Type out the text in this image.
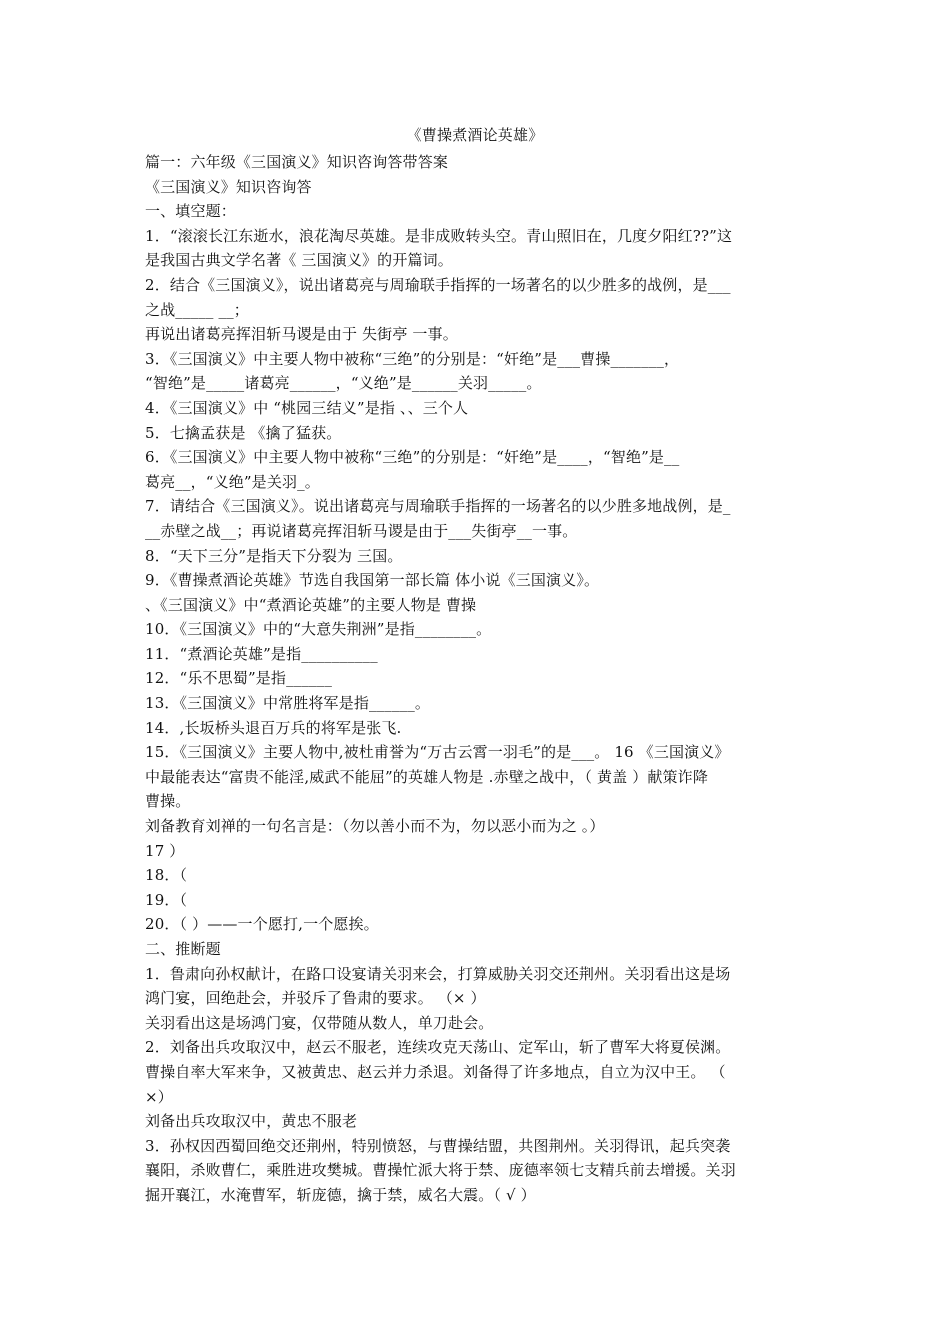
《曹操煮酒论英雄》
篇一：六年级《三国演义》知识咨询答带答案
《三国演义》知识咨询答
一、填空题：
1．“滚滚长江东逝水，浪花淘尽英雄。是非成败转头空。青山照旧在，几度夕阳红??”这
是我国古典文学名著《 三国演义》的开篇词。
2．结合《三国演义》，说出诸葛亮与周瑜联手指挥的一场著名的以少胜多的战例，是___
之战_____ __；
再说出诸葛亮挥泪斩马谡是由于 失街亭 一事。
3．《三国演义》中主要人物中被称“三绝”的分别是：“奸绝”是___曹操_______，
“智绝”是_____诸葛亮______，“义绝”是______关羽_____。
4．《三国演义》中 “桃园三结义”是指 、、三个人
5．七擒孟获是 《擒了猛获。
6．《三国演义》中主要人物中被称“三绝”的分别是：“奸绝”是____，“智绝”是__
葛亮__，“义绝”是关羽_。
7．请结合《三国演义》。说出诸葛亮与周瑜联手指挥的一场著名的以少胜多地战例，是_
__赤壁之战__；再说诸葛亮挥泪斩马谡是由于___失街亭__一事。
8．“天下三分”是指天下分裂为 三国。
9．《曹操煮酒论英雄》节选自我国第一部长篇 体小说《三国演义》。
、《三国演义》中“煮酒论英雄”的主要人物是 曹操
10．《三国演义》中的“大意失荆洲”是指________。
11．“煮酒论英雄”是指__________
12．“乐不思蜀”是指______
13．《三国演义》中常胜将军是指______。
14．,长坂桥头退百万兵的将军是张飞.
15．《三国演义》主要人物中,被杜甫誉为“万古云霄一羽毛”的是___。 16 《三国演义》
中最能表达“富贵不能淫,威武不能屈”的英雄人物是 .赤壁之战中，（ 黄盖 ）献策诈降
曹操。
刘备教育刘禅的一句名言是：（勿以善小而不为，勿以恶小而为之 。）
17 ）
18．（
19．（
20．（ ）——一个愿打,一个愿挨。
二、推断题
1．鲁肃向孙权献计，在路口设宴请关羽来会，打算威胁关羽交还荆州。关羽看出这是场
鸿门宴，回绝赴会，并驳斥了鲁肃的要求。 （× ）
关羽看出这是场鸿门宴，仅带随从数人，单刀赴会。
2．刘备出兵攻取汉中，赵云不服老，连续攻克天荡山、定军山，斩了曹军大将夏侯渊。
曹操自率大军来争，又被黄忠、赵云并力杀退。刘备得了许多地点，自立为汉中王。 （
×）
刘备出兵攻取汉中，黄忠不服老
3．孙权因西蜀回绝交还荆州，特别愤怒，与曹操结盟，共图荆州。关羽得讯，起兵突袭
襄阳，杀败曹仁，乘胜进攻樊城。曹操忙派大将于禁、庞德率领七支精兵前去增援。关羽
掘开襄江，水淹曹军，斩庞德，擒于禁，威名大震。（ √ ）
